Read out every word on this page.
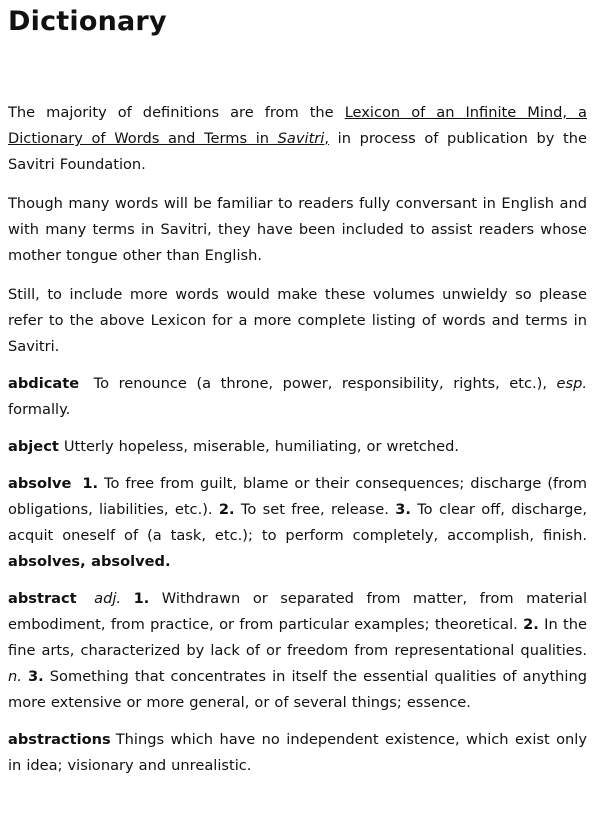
Dictionary

The majority of definitions are from the Lexicon of an Infinite Mind, a Dictionary of Words and Terms in Savitri, in process of publication by the Savitri Foundation.

Though many words will be familiar to readers fully conversant in English and with many terms in Savitri, they have been included to assist readers whose mother tongue other than English.

Still, to include more words would make these volumes unwieldy so please refer to the above Lexicon for a more complete listing of words and terms in Savitri.

abdicate To renounce (a throne, power, responsibility, rights, etc.), esp. formally.

abject Utterly hopeless, miserable, humiliating, or wretched.

absolve 1. To free from guilt, blame or their consequences; discharge (from obligations, liabilities, etc.). 2. To set free, release. 3. To clear off, discharge, acquit oneself of (a task, etc.); to perform completely, accomplish, finish. absolves, absolved.

abstract adj. 1. Withdrawn or separated from matter, from material embodiment, from practice, or from particular examples; theoretical. 2. In the fine arts, characterized by lack of or freedom from representational qualities. n. 3. Something that concentrates in itself the essential qualities of anything more extensive or more general, or of several things; essence.

abstractions Things which have no independent existence, which exist only in idea; visionary and unrealistic.
